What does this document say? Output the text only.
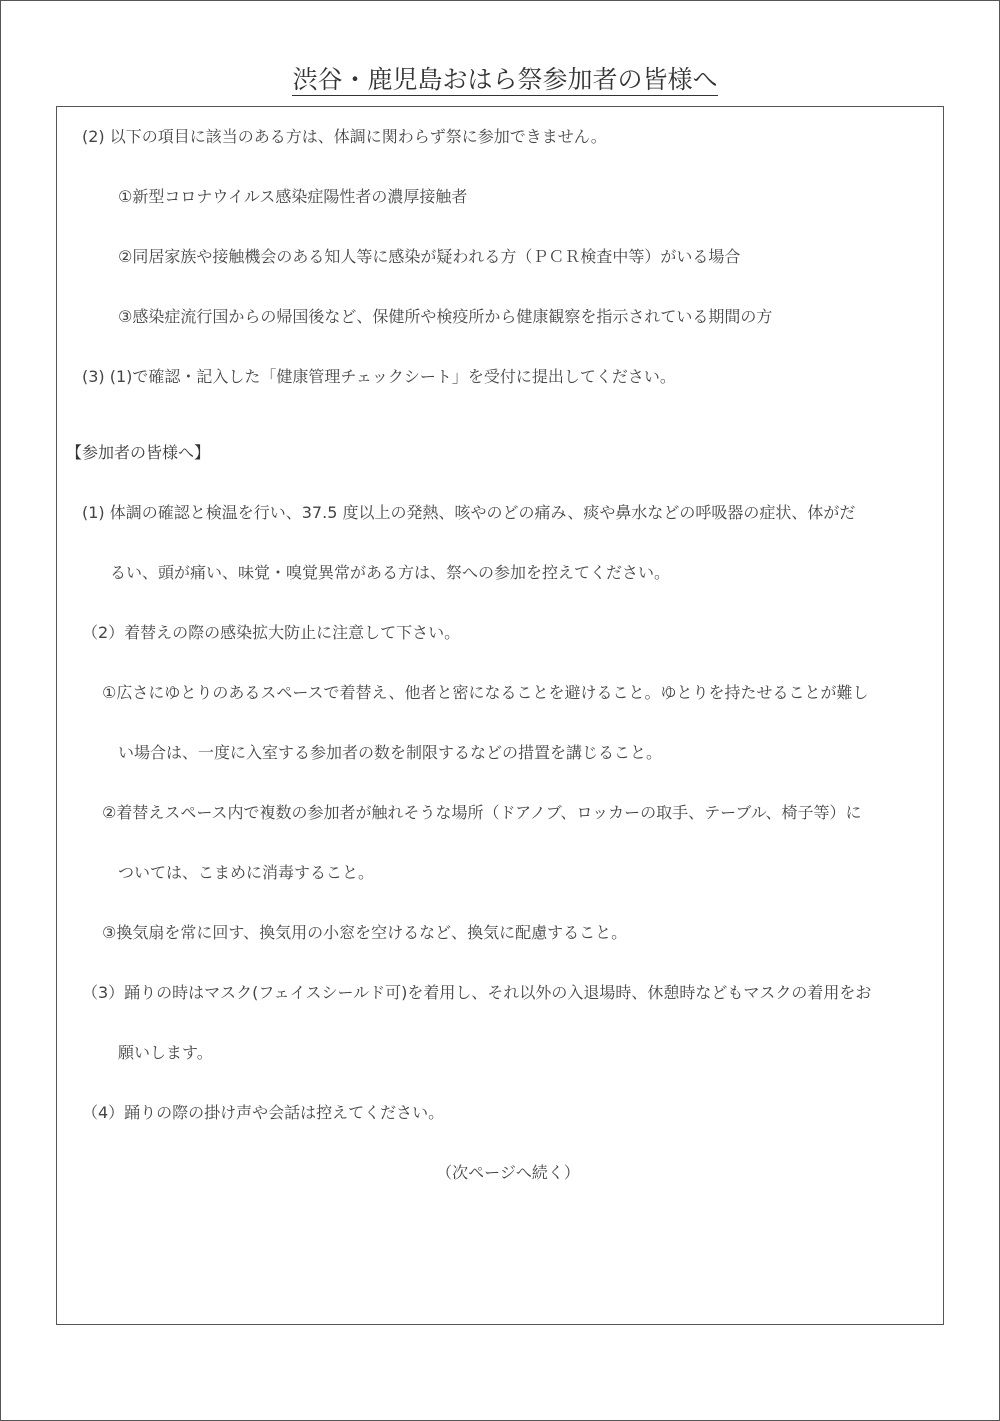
渋谷・鹿児島おはら祭参加者の皆様へ
(2) 以下の項目に該当のある方は、体調に関わらず祭に参加できません。
①新型コロナウイルス感染症陽性者の濃厚接触者
②同居家族や接触機会のある知人等に感染が疑われる方（ＰＣＲ検査中等）がいる場合
③感染症流行国からの帰国後など、保健所や検疫所から健康観察を指示されている期間の方
(3) (1)で確認・記入した「健康管理チェックシート」を受付に提出してください。
【参加者の皆様へ】
(1) 体調の確認と検温を行い、37.5 度以上の発熱、咳やのどの痛み、痰や鼻水などの呼吸器の症状、体がだ
るい、頭が痛い、味覚・嗅覚異常がある方は、祭への参加を控えてください。
（2）着替えの際の感染拡大防止に注意して下さい。
①広さにゆとりのあるスペースで着替え、他者と密になることを避けること。ゆとりを持たせることが難し
い場合は、一度に入室する参加者の数を制限するなどの措置を講じること。
②着替えスペース内で複数の参加者が触れそうな場所（ドアノブ、ロッカーの取手、テーブル、椅子等）に
ついては、こまめに消毒すること。
③換気扇を常に回す、換気用の小窓を空けるなど、換気に配慮すること。
（3）踊りの時はマスク(フェイスシールド可)を着用し、それ以外の入退場時、休憩時などもマスクの着用をお
願いします。
（4）踊りの際の掛け声や会話は控えてください。
（次ページへ続く）
